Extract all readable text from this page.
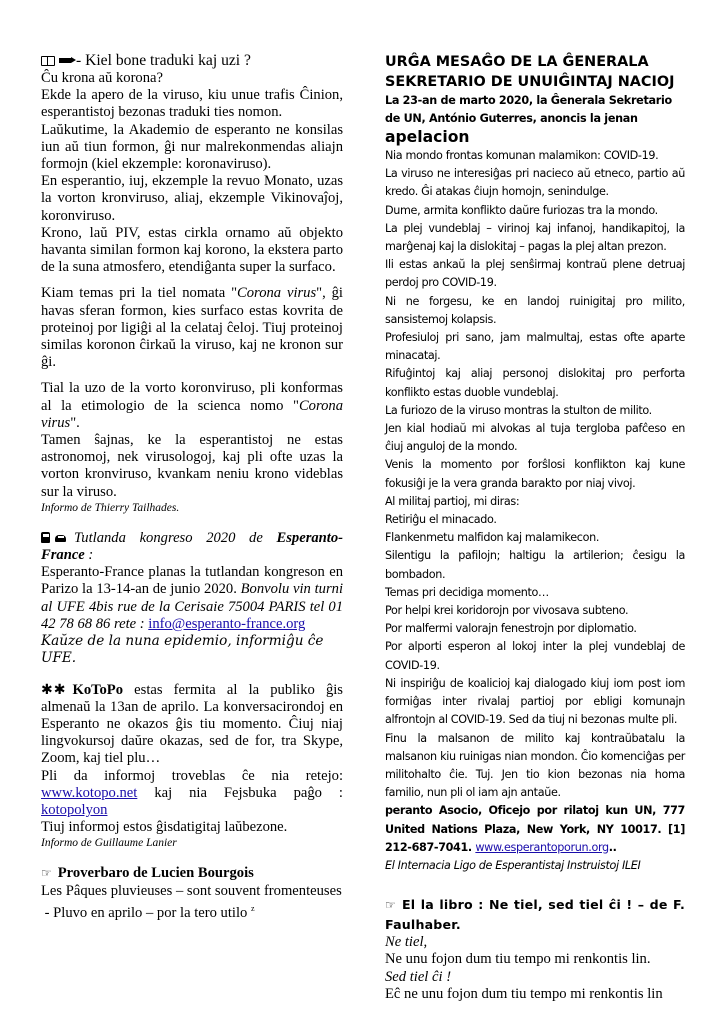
- Kiel bone traduki kaj uzi ?

Ĉu krona aŭ korona?

Ekde la apero de la viruso, kiu unue trafis Ĉinion, esperantistoj bezonas traduki ties nomon.

Laŭkutime, la Akademio de esperanto ne konsilas iun aŭ tiun formon, ĝi nur malrekonmendas aliajn formojn (kiel ekzemple: koronaviruso).

En esperantio, iuj, ekzemple la revuo Monato, uzas la vorton kronviruso, aliaj, ekzemple Vikinovaĵoj, koronviruso.

Krono, laŭ PIV, estas cirkla ornamo aŭ objekto havanta similan formon kaj korono, la ekstera parto de la suna atmosfero, etendiĝanta super la surfaco.

Kiam temas pri la tiel nomata "Corona virus", ĝi havas sferan formon, kies surfaco estas kovrita de proteinoj por ligiĝi al la celataj ĉeloj. Tiuj proteinoj similas koronon ĉirkaŭ la viruso, kaj ne kronon sur ĝi.

Tial la uzo de la vorto koronviruso, pli konformas al la etimologio de la scienca nomo "Corona virus".

Tamen ŝajnas, ke la esperantistoj ne estas astronomoj, nek virusologoj, kaj pli ofte uzas la vorton kronviruso, kvankam neniu krono videblas sur la viruso.

Informo de Thierry Tailhades.

Tutlanda kongreso 2020 de Esperanto-France :

Esperanto-France planas la tutlandan kongreson en Parizo la 13-14-an de junio 2020. Bonvolu vin turni al UFE 4bis rue de la Cerisaie 75004 PARIS tel 01 42 78 68 86 rete : info@esperanto-france.org

Kaŭze de la nuna epidemio, informiĝu ĉe UFE.

✱✱ KoToPo estas fermita al la publiko ĝis almenaŭ la 13an de aprilo. La konversacirondoj en Esperanto ne okazos ĝis tiu momento. Ĉiuj niaj lingvokursoj daŭre okazas, sed de for, tra Skype, Zoom, kaj tiel plu…

Pli da informoj troveblas ĉe nia retejo: www.kotopo.net kaj nia Fejsbuka paĝo : kotopolyon

Tiuj informoj estos ĝisdatigitaj laŭbezone.

Informo de Guillaume Lanier

☞ Proverbaro de Lucien Bourgois

Les Pâques pluvieuses – sont souvent fromenteuses

- Pluvo en aprilo – por la tero utilo $^z$

URĜA MESAĜO DE LA ĜENERALA SEKRETARIO DE UNUIĜINTAJ NACIOJ

La 23-an de marto 2020, la Ĝenerala Sekretario de UN, António Guterres, anoncis la jenan

apelacion

Nia mondo frontas komunan malamikon: COVID-19.

La viruso ne interesiĝas pri nacieco aŭ etneco, partio aŭ kredo. Ĝi atakas ĉiujn homojn, senindulge.

Dume, armita konflikto daŭre furiozas tra la mondo.

La plej vundeblaj – virinoj kaj infanoj, handikapitoj, la marĝenaj kaj la dislokitaj – pagas la plej altan prezon.

Ili estas ankaŭ la plej senŝirmaj kontraŭ plene detruaj perdoj pro COVID-19.

Ni ne forgesu, ke en landoj ruinigitaj pro milito, sansistemoj kolapsis.

Profesiuloj pri sano, jam malmultaj, estas ofte aparte minacataj.

Rifuĝintoj kaj aliaj personoj dislokitaj pro perforta konflikto estas duoble vundeblaj.

La furiozo de la viruso montras la stulton de milito.

Jen kial hodiaŭ mi alvokas al tuja tergloba pafĉeso en ĉiuj anguloj de la mondo.

Venis la momento por forŝlosi konflikton kaj kune fokusiĝi je la vera granda barakto por niaj vivoj.

Al militaj partioj, mi diras:

Retiriĝu el minacado.

Flankenmetu malfidon kaj malamikecon.

Silentigu la pafilojn; haltigu la artilerion; ĉesigu la bombadon.

Temas pri decidiga momento…

Por helpi krei koridorojn por vivosava subteno.

Por malfermi valorajn fenestrojn por diplomatio.

Por alporti esperon al lokoj inter la plej vundeblaj de COVID-19.

Ni inspiriĝu de koalicioj kaj dialogado kiuj iom post iom formiĝas inter rivalaj partioj por ebligi komunajn alfrontojn al COVID-19. Sed da tiuj ni bezonas multe pli.

Finu la malsanon de milito kaj kontraŭbatalu la malsanon kiu ruinigas nian mondon. Ĉio komenciĝas per militohalto ĉie. Tuj. Jen tio kion bezonas nia homa familio, nun pli ol iam ajn antaŭe.

peranto Asocio, Oficejo por rilatoj kun UN, 777 United Nations Plaza, New York, NY 10017. [1] 212-687-7041. www.esperantoporun.org..

El Internacia Ligo de Esperantistaj Instruistoj ILEI

☞ El la libro : Ne tiel, sed tiel ĉi ! – de F. Faulhaber.

Ne tiel,

Ne unu fojon dum tiu tempo mi renkontis lin.

Sed tiel ĉi !

Eĉ ne unu fojon dum tiu tempo mi renkontis lin
